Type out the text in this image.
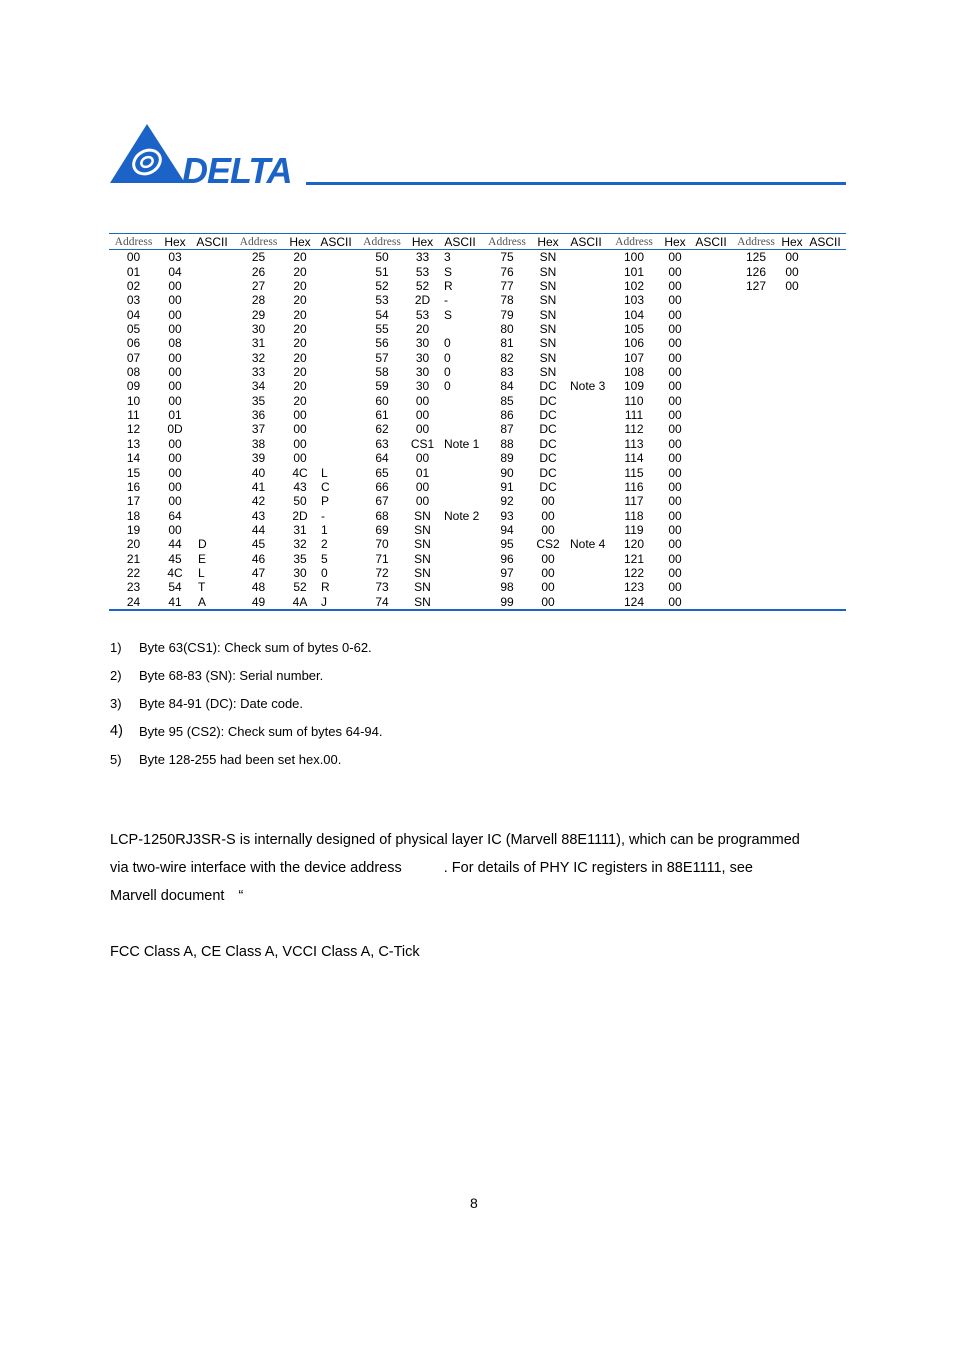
DELTA
Address	Hex	ASCII	Address	Hex	ASCII	Address	Hex	ASCII	Address	Hex	ASCII	Address	Hex	ASCII	Address	Hex	ASCII
00	03		25	20		50	33	3	75	SN		100	00		125	00	
01	04		26	20		51	53	S	76	SN		101	00		126	00	
02	00		27	20		52	52	R	77	SN		102	00		127	00	
03	00		28	20		53	2D	-	78	SN		103	00				
04	00		29	20		54	53	S	79	SN		104	00				
05	00		30	20		55	20		80	SN		105	00				
06	08		31	20		56	30	0	81	SN		106	00				
07	00		32	20		57	30	0	82	SN		107	00				
08	00		33	20		58	30	0	83	SN		108	00				
09	00		34	20		59	30	0	84	DC	Note 3	109	00				
10	00		35	20		60	00		85	DC		110	00				
11	01		36	00		61	00		86	DC		111	00				
12	0D		37	00		62	00		87	DC		112	00				
13	00		38	00		63	CS1	Note 1	88	DC		113	00				
14	00		39	00		64	00		89	DC		114	00				
15	00		40	4C	L	65	01		90	DC		115	00				
16	00		41	43	C	66	00		91	DC		116	00				
17	00		42	50	P	67	00		92	00		117	00				
18	64		43	2D	-	68	SN	Note 2	93	00		118	00				
19	00		44	31	1	69	SN		94	00		119	00				
20	44	D	45	32	2	70	SN		95	CS2	Note 4	120	00				
21	45	E	46	35	5	71	SN		96	00		121	00				
22	4C	L	47	30	0	72	SN		97	00		122	00				
23	54	T	48	52	R	73	SN		98	00		123	00				
24	41	A	49	4A	J	74	SN		99	00		124	00				
1) Byte 63(CS1): Check sum of bytes 0-62.
2) Byte 68-83 (SN): Serial number.
3) Byte 84-91 (DC): Date code.
4) Byte 95 (CS2): Check sum of bytes 64-94.
5) Byte 128-255 had been set hex.00.
LCP-1250RJ3SR-S is internally designed of physical layer IC (Marvell 88E1111), which can be programmed
via two-wire interface with the device address	. For details of PHY IC registers in 88E1111, see
Marvell document “
FCC Class A, CE Class A, VCCI Class A, C-Tick
8
